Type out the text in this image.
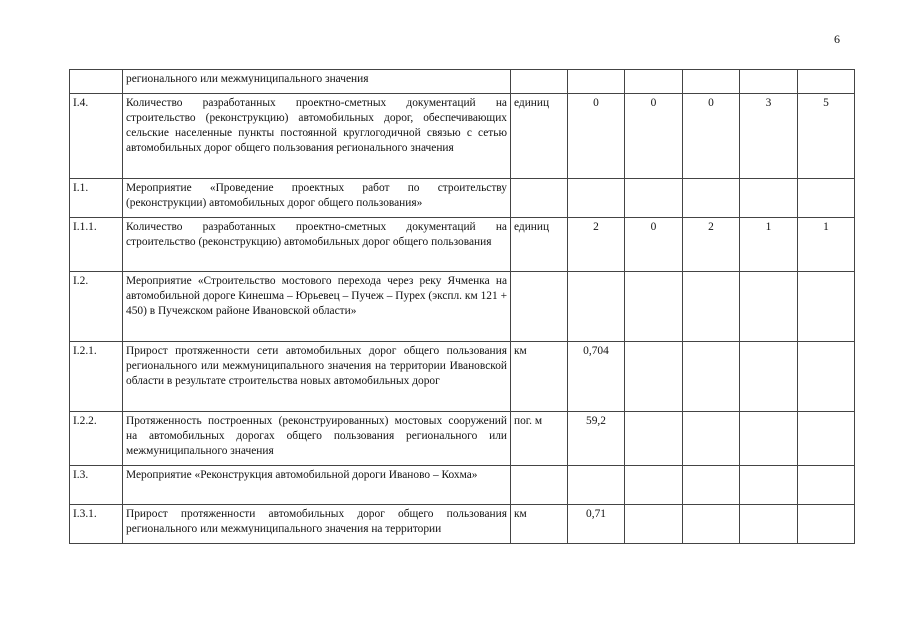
6
	регионального или межмуниципального значения						
I.4.	Количество разработанных проектно-сметных документаций на строительство (реконструкцию) автомобильных дорог, обеспечивающих сельские населенные пункты постоянной круглогодичной связью с сетью автомобильных дорог общего пользования регионального значения	единиц	0	0	0	3	5
I.1.	Мероприятие «Проведение проектных работ по строительству (реконструкции) автомобильных дорог общего пользования»						
I.1.1.	Количество разработанных проектно-сметных документаций на строительство (реконструкцию) автомобильных дорог общего пользования	единиц	2	0	2	1	1
I.2.	Мероприятие «Строительство мостового перехода через реку Ячменка на автомобильной дороге Кинешма – Юрьевец – Пучеж – Пурех (экспл. км 121 + 450) в Пучежском районе Ивановской области»						
I.2.1.	Прирост протяженности сети автомобильных дорог общего пользования регионального или межмуниципального значения на территории Ивановской области в результате строительства новых автомобильных дорог	км	0,704				
I.2.2.	Протяженность построенных (реконструированных) мостовых сооружений на автомобильных дорогах общего пользования регионального или межмуниципального значения	пог. м	59,2				
I.3.	Мероприятие «Реконструкция автомобильной дороги Иваново – Кохма»						
I.3.1.	Прирост протяженности автомобильных дорог общего пользования регионального или межмуниципального значения на территории	км	0,71				
